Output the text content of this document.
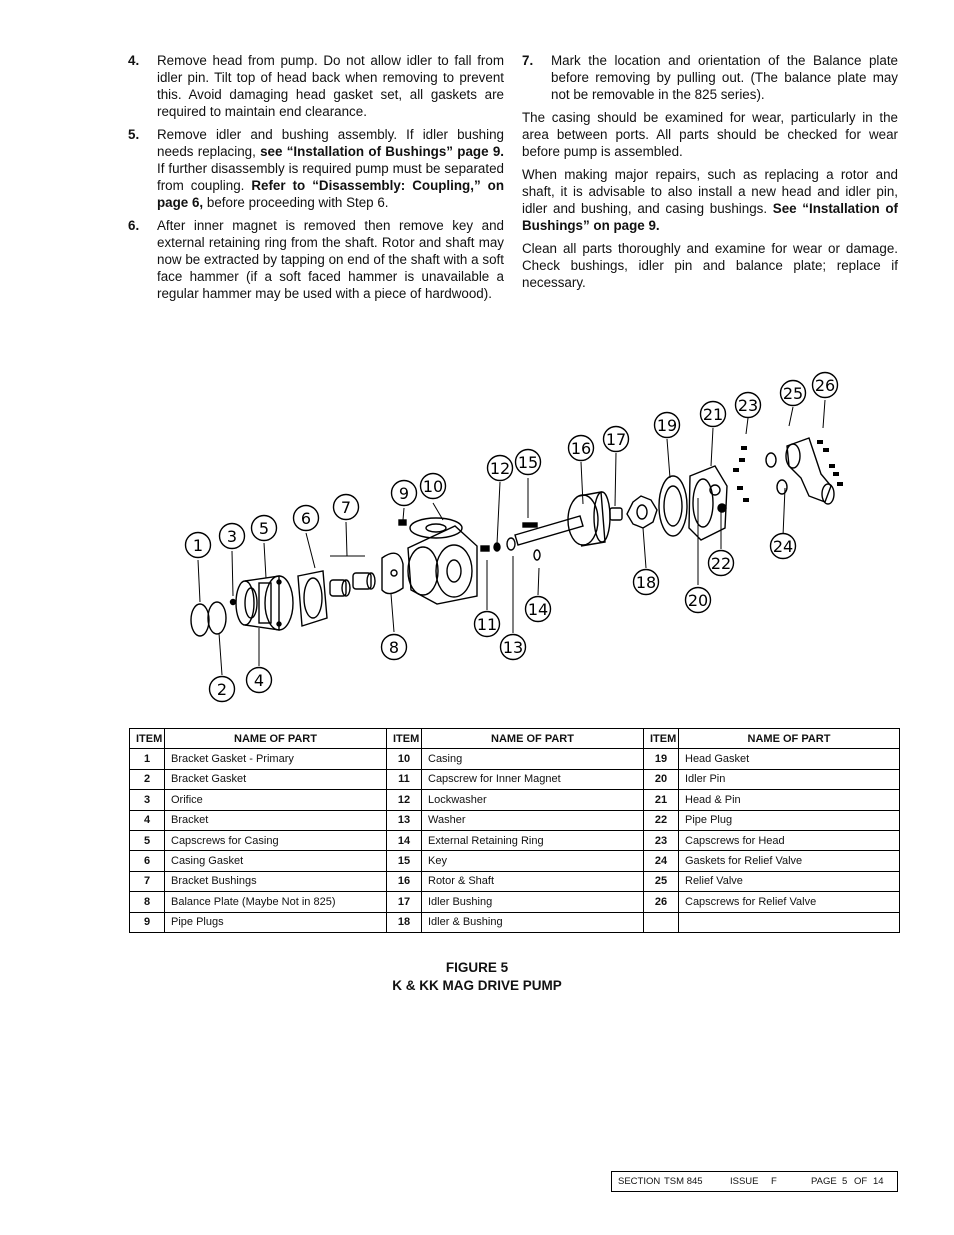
4.	Remove head from pump. Do not allow idler to fall from idler pin. Tilt top of head back when removing to prevent this. Avoid damaging head gasket set, all gaskets are required to maintain end clearance.
5.	Remove idler and bushing assembly. If idler bushing needs replacing, see “Installation of Bushings” page 9. If further disassembly is required pump must be separated from coupling. Refer to “Disassembly: Coupling,” on page 6, before proceeding with Step 6.
6.	After inner magnet is removed then remove key and external retaining ring from the shaft. Rotor and shaft may now be extracted by tapping on end of the shaft with a soft face hammer (if a soft faced hammer is unavailable a regular hammer may be used with a piece of hardwood).
7.	Mark the location and orientation of the Balance plate before removing by pulling out. (The balance plate may not be removable in the 825 series).

The casing should be examined for wear, particularly in the area between ports. All parts should be checked for wear before pump is assembled.

When making major repairs, such as replacing a rotor and shaft, it is advisable to also install a new head and idler pin, idler and bushing, and casing bushings. See “Installation of Bushings” on page 9.

Clean all parts thoroughly and examine for wear or damage. Check bushings, idler pin and balance plate; replace if necessary.

1
2
3
4
5
6
7
8
9 10
11
12
13
14
15
16 17
18
19
20
21
22
23
24
25 26
ITEM	NAME OF PART	ITEM	NAME OF PART	ITEM	NAME OF PART
1	Bracket Gasket - Primary	10	Casing	19	Head Gasket
2	Bracket Gasket	11	Capscrew for Inner Magnet	20	Idler Pin
3	Orifice	12	Lockwasher	21	Head & Pin
4	Bracket	13	Washer	22	Pipe Plug
5	Capscrews for Casing	14	External Retaining Ring	23	Capscrews for Head
6	Casing Gasket	15	Key	24	Gaskets for Relief Valve
7	Bracket Bushings	16	Rotor & Shaft	25	Relief Valve
8	Balance Plate (Maybe Not in 825)	17	Idler Bushing	26	Capscrews for Relief Valve
9	Pipe Plugs	18	Idler & Bushing		
FIGURE 5
K & KK MAG DRIVE PUMP
SECTION TSM 845	ISSUE F	PAGE 5 OF 14
